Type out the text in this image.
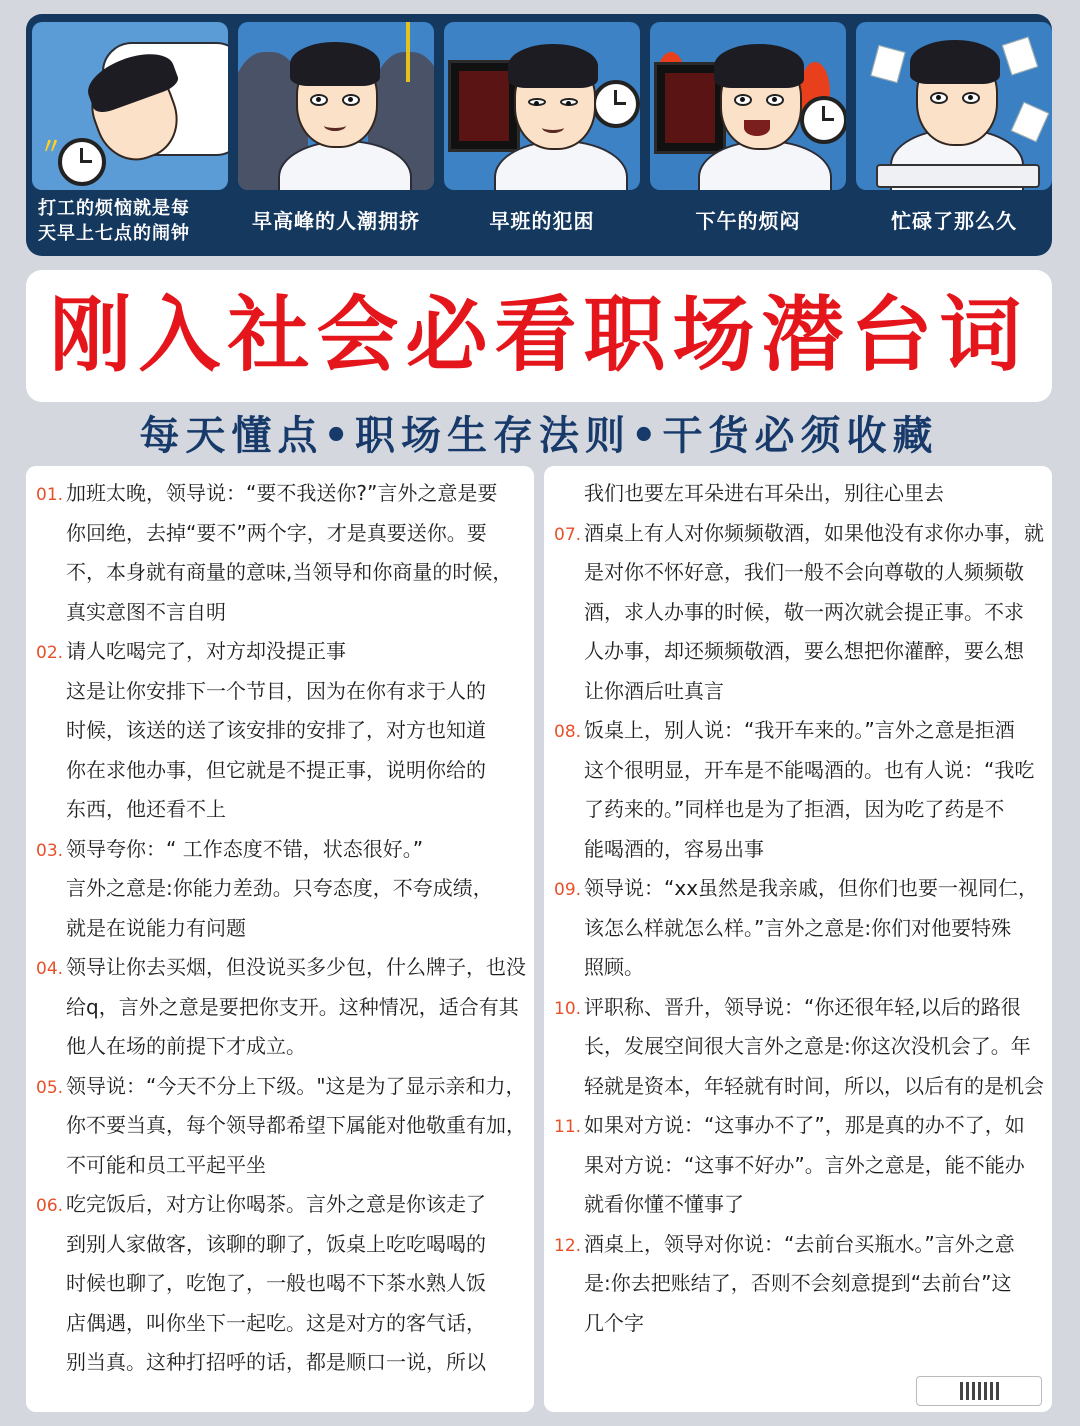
〃
打工的烦恼就是每
天早上七点的闹钟
早高峰的人潮拥挤	早班的犯困	下午的烦闷	忙碌了那么久
刚入社会必看职场潜台词
每天懂点•职场生存法则•干货必须收藏
01. 加班太晚，领导说：“要不我送你?”言外之意是要
你回绝，去掉“要不”两个字，才是真要送你。要
不，本身就有商量的意味,当领导和你商量的时候，
真实意图不言自明
02. 请人吃喝完了，对方却没提正事
这是让你安排下一个节目，因为在你有求于人的
时候，该送的送了该安排的安排了，对方也知道
你在求他办事，但它就是不提正事，说明你给的
东西，他还看不上
03. 领导夸你：“ 工作态度不错，状态很好。”
言外之意是:你能力差劲。只夸态度，不夸成绩，
就是在说能力有问题
04. 领导让你去买烟，但没说买多少包，什么牌子，也没
给q，言外之意是要把你支开。这种情况，适合有其
他人在场的前提下才成立。
05. 领导说：“今天不分上下级。"这是为了显示亲和力，
你不要当真，每个领导都希望下属能对他敬重有加，
不可能和员工平起平坐
06. 吃完饭后，对方让你喝茶。言外之意是你该走了
到别人家做客，该聊的聊了，饭桌上吃吃喝喝的
时候也聊了，吃饱了，一般也喝不下茶水熟人饭
店偶遇，叫你坐下一起吃。这是对方的客气话，
别当真。这种打招呼的话，都是顺口一说，所以
我们也要左耳朵进右耳朵出，别往心里去
07. 酒桌上有人对你频频敬酒，如果他没有求你办事，就
是对你不怀好意，我们一般不会向尊敬的人频频敬
酒，求人办事的时候，敬一两次就会提正事。不求
人办事，却还频频敬酒，要么想把你灌醉，要么想
让你酒后吐真言
08. 饭桌上，别人说：“我开车来的。”言外之意是拒酒
这个很明显，开车是不能喝酒的。也有人说：“我吃
了药来的。”同样也是为了拒酒，因为吃了药是不
能喝酒的，容易出事
09. 领导说：“xx虽然是我亲戚，但你们也要一视同仁，
该怎么样就怎么样。”言外之意是:你们对他要特殊
照顾。
10. 评职称、晋升，领导说：“你还很年轻,以后的路很
长，发展空间很大言外之意是:你这次没机会了。年
轻就是资本，年轻就有时间，所以，以后有的是机会
11. 如果对方说：“这事办不了”，那是真的办不了，如
果对方说：“这事不好办”。言外之意是，能不能办
就看你懂不懂事了
12. 酒桌上，领导对你说：“去前台买瓶水。”言外之意
是:你去把账结了，否则不会刻意提到“去前台”这
几个字
